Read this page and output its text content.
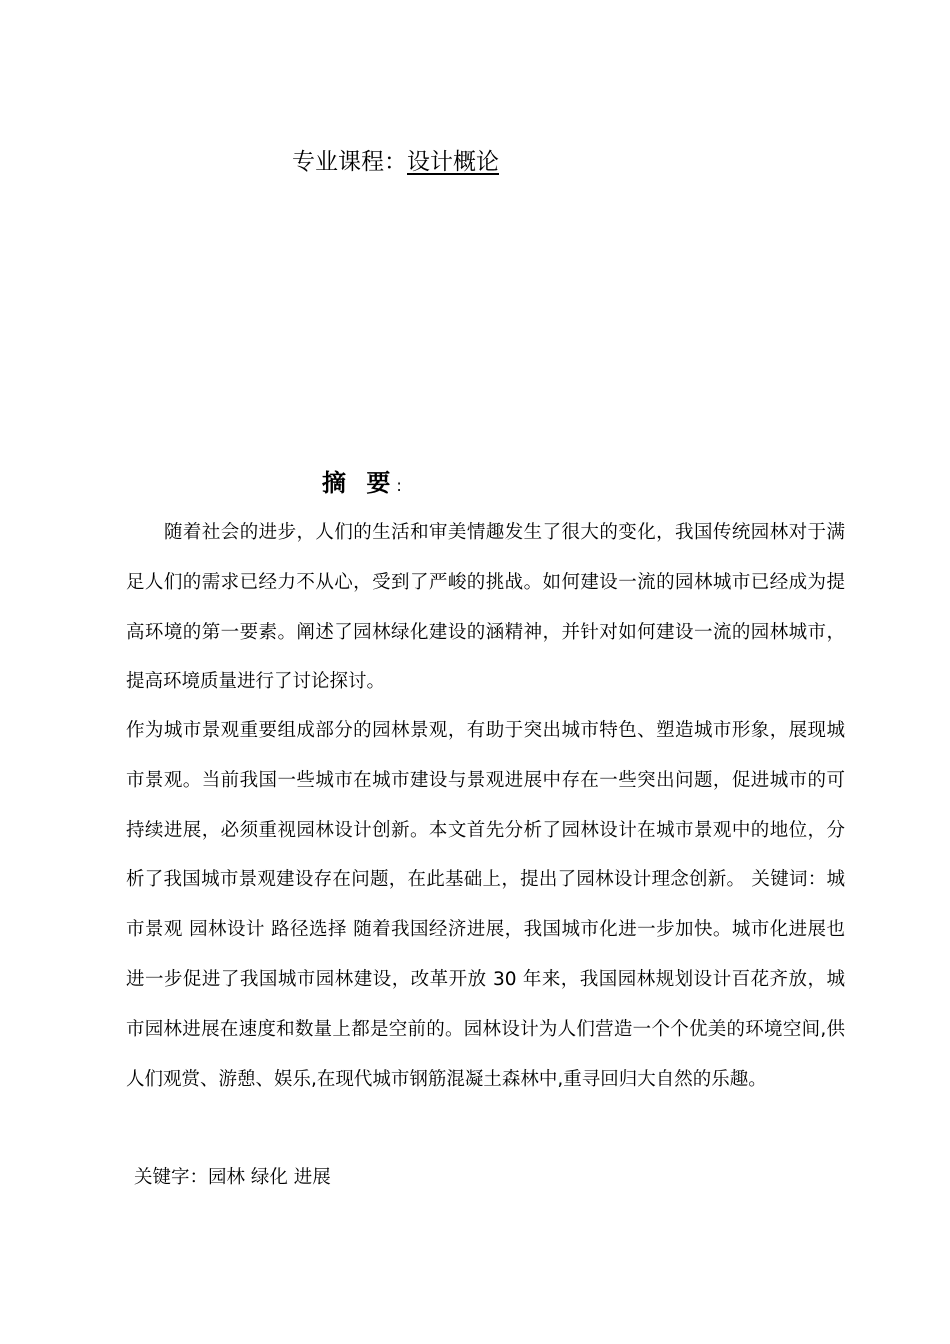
专业课程：设计概论
摘 要:

随着社会的进步，人们的生活和审美情趣发生了很大的变化，我国传统园林对于满足人们的需求已经力不从心，受到了严峻的挑战。如何建设一流的园林城市已经成为提高环境的第一要素。阐述了园林绿化建设的涵精神，并针对如何建设一流的园林城市，提高环境质量进行了讨论探讨。

作为城市景观重要组成部分的园林景观，有助于突出城市特色、塑造城市形象，展现城市景观。当前我国一些城市在城市建设与景观进展中存在一些突出问题，促进城市的可持续进展，必须重视园林设计创新。本文首先分析了园林设计在城市景观中的地位，分析了我国城市景观建设存在问题，在此基础上，提出了园林设计理念创新。 关键词：城市景观 园林设计 路径选择 随着我国经济进展，我国城市化进一步加快。城市化进展也进一步促进了我国城市园林建设，改革开放 30 年来，我国园林规划设计百花齐放，城市园林进展在速度和数量上都是空前的。园林设计为人们营造一个个优美的环境空间,供人们观赏、游憩、娱乐,在现代城市钢筋混凝土森林中,重寻回归大自然的乐趣。

关键字：园林 绿化 进展
